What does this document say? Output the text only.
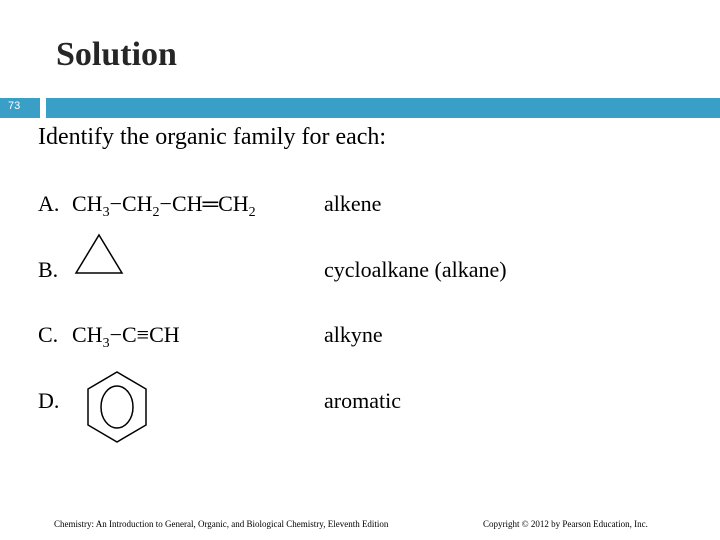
Solution
73
Identify the organic family for each:
A. $CH_3-CH_2-CH═CH_2$	alkene
B.	cycloalkane (alkane)
C. $CH_3-C\equiv CH$	alkyne
D.	aromatic
Chemistry: An Introduction to General, Organic, and Biological Chemistry, Eleventh Edition	Copyright © 2012 by Pearson Education, Inc.
